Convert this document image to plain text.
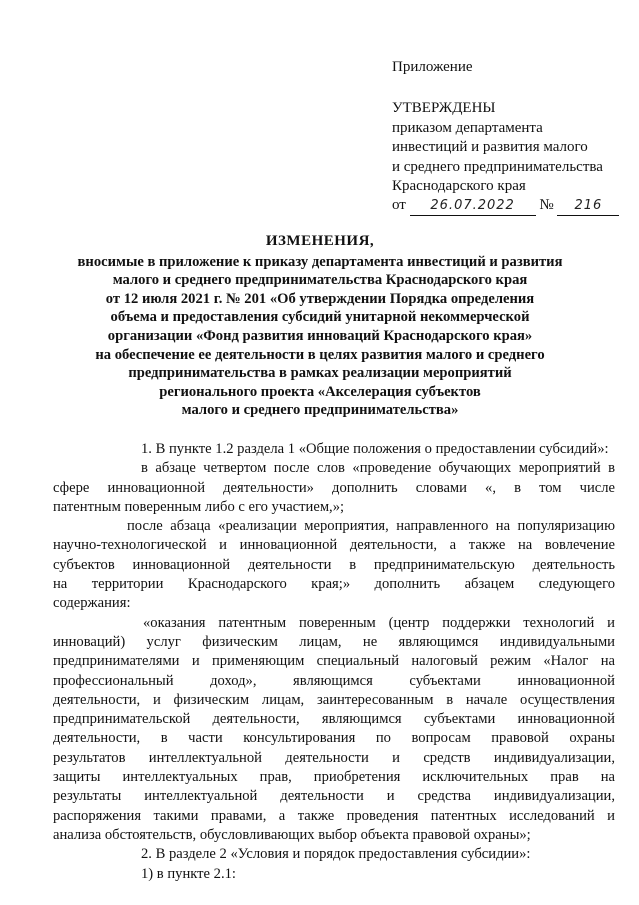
Приложение
УТВЕРЖДЕНЫ
приказом департамента
инвестиций и развития малого
и среднего предпринимательства
Краснодарского края
от 26.07.2022 № 216
ИЗМЕНЕНИЯ,
вносимые в приложение к приказу департамента инвестиций и развития
малого и среднего предпринимательства Краснодарского края
от 12 июля 2021 г. № 201 «Об утверждении Порядка определения
объема и предоставления субсидий унитарной некоммерческой
организации «Фонд развития инноваций Краснодарского края»
на обеспечение ее деятельности в целях развития малого и среднего
предпринимательства в рамках реализации мероприятий
регионального проекта «Акселерация субъектов
малого и среднего предпринимательства»
1. В пункте 1.2 раздела 1 «Общие положения о предоставлении субсидий»:
в абзаце четвертом после слов «проведение обучающих мероприятий в
сфере инновационной деятельности» дополнить словами «, в том числе
патентным поверенным либо с его участием,»;
после абзаца «реализации мероприятия, направленного на популяризацию
научно-технологической и инновационной деятельности, а также на вовлечение
субъектов инновационной деятельности в предпринимательскую деятельность
на территории Краснодарского края;» дополнить абзацем следующего
содержания:
«оказания патентным поверенным (центр поддержки технологий и
инноваций) услуг физическим лицам, не являющимся индивидуальными
предпринимателями и применяющим специальный налоговый режим «Налог на
профессиональный доход», являющимся субъектами инновационной
деятельности, и физическим лицам, заинтересованным в начале осуществления
предпринимательской деятельности, являющимся субъектами инновационной
деятельности, в части консультирования по вопросам правовой охраны
результатов интеллектуальной деятельности и средств индивидуализации,
защиты интеллектуальных прав, приобретения исключительных прав на
результаты интеллектуальной деятельности и средства индивидуализации,
распоряжения такими правами, а также проведения патентных исследований и
анализа обстоятельств, обусловливающих выбор объекта правовой охраны»;
2. В разделе 2 «Условия и порядок предоставления субсидии»:
1) в пункте 2.1:
